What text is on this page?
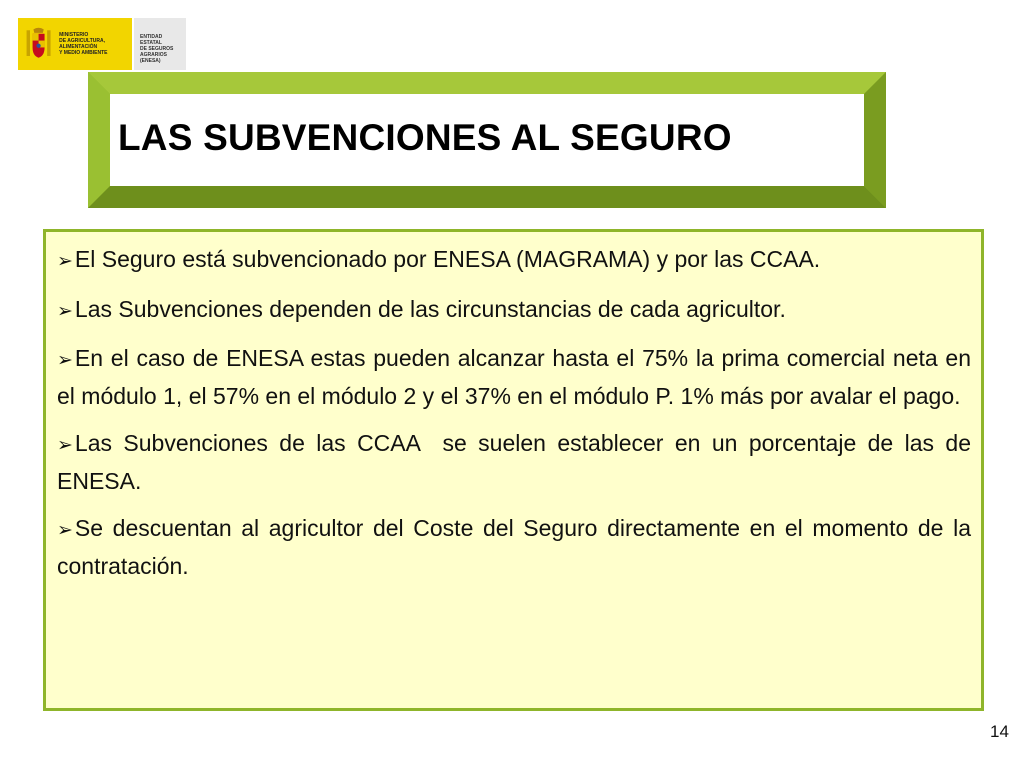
MINISTERIO
DE AGRICULTURA, ALIMENTACIÓN
Y MEDIO AMBIENTE
ENTIDAD ESTATAL
DE SEGUROS
AGRARIOS (ENESA)
LAS SUBVENCIONES AL SEGURO

➢El Seguro está subvencionado por ENESA (MAGRAMA) y por las CCAA.

➢Las Subvenciones dependen de las circunstancias de cada agricultor.

➢En el caso de ENESA estas pueden alcanzar hasta el 75% la prima comercial neta en el módulo 1, el 57% en el módulo 2 y el 37% en el módulo P. 1% más por avalar el pago.

➢Las Subvenciones de las CCAA  se suelen establecer en un porcentaje de las de ENESA.

➢Se descuentan al agricultor del Coste del Seguro directamente en el momento de la contratación.

14
